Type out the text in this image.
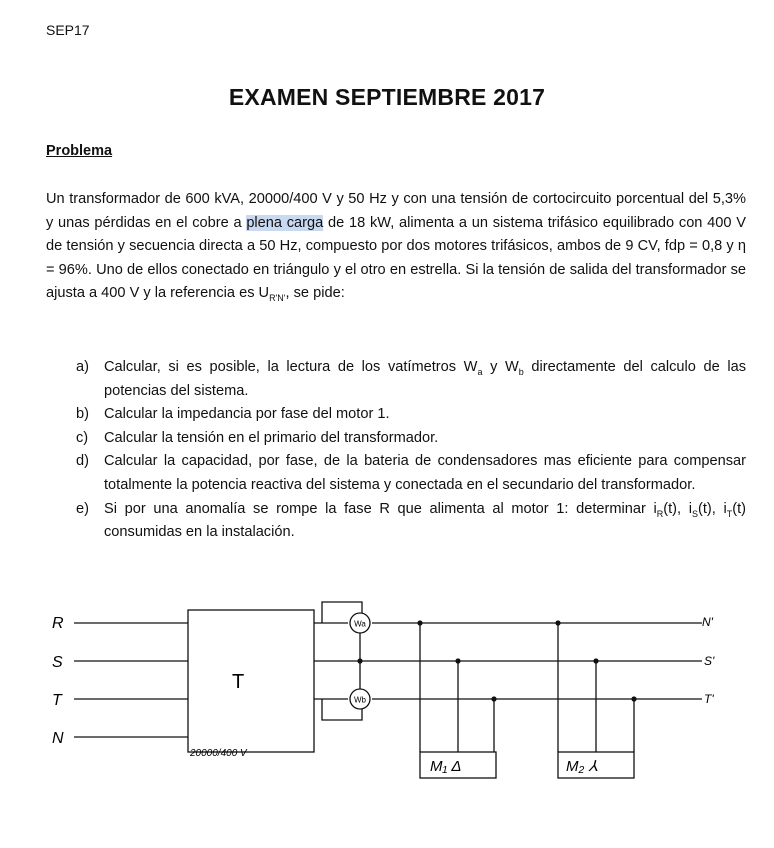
SEP17
EXAMEN SEPTIEMBRE 2017
Problema
Un transformador de 600 kVA, 20000/400 V y 50 Hz y con una tensión de cortocircuito porcentual del 5,3% y unas pérdidas en el cobre a plena carga de 18 kW, alimenta a un sistema trifásico equilibrado con 400 V de tensión y secuencia directa a 50 Hz, compuesto por dos motores trifásicos, ambos de 9 CV, fdp = 0,8 y η = 96%. Uno de ellos conectado en triángulo y el otro en estrella. Si la tensión de salida del transformador se ajusta a 400 V y la referencia es $U_{R'N'}$, se pide:
a) Calcular, si es posible, la lectura de los vatímetros $W_a$ y $W_b$ directamente del calculo de las potencias del sistema.
b) Calcular la impedancia por fase del motor 1.
c) Calcular la tensión en el primario del transformador.
d) Calcular la capacidad, por fase, de la bateria de condensadores mas eficiente para compensar totalmente la potencia reactiva del sistema y conectada en el secundario del transformador.
e) Si por una anomalía se rompe la fase R que alimenta al motor 1: determinar $i_R(t)$, $i_S(t)$, $i_T(t)$ consumidas en la instalación.
Wa
Wb
R
S
T
N
N'
S'
T'
T
20000/400 V
M₁ Δ	M₂ ⅄
